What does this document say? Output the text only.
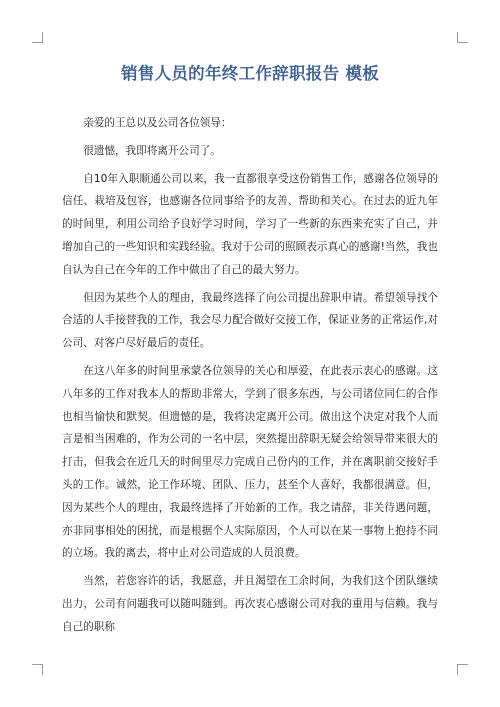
销售人员的年终工作辞职报告 模板

亲爱的王总以及公司各位领导：

很遗憾，我即将离开公司了。

自10年入职顺通公司以来，我一直都很享受这份销售工作，感谢各位领导的信任、栽培及包容，也感谢各位同事给予的友善、帮助和关心。在过去的近九年的时间里，利用公司给予良好学习时间，学习了一些新的东西来充实了自己，并增加自己的一些知识和实践经验。我对于公司的照顾表示真心的感谢!当然，我也自认为自己在今年的工作中做出了自己的最大努力。

但因为某些个人的理由，我最终选择了向公司提出辞职申请。希望领导找个合适的人手接替我的工作，我会尽力配合做好交接工作，保证业务的正常运作,对公司、对客户尽好最后的责任。

在这八年多的时间里承蒙各位领导的关心和厚爱，在此表示衷心的感谢。这八年多的工作对我本人的帮助非常大，学到了很多东西，与公司诸位同仁的合作也相当愉快和默契。但遗憾的是，我将决定离开公司。做出这个决定对我个人而言是相当困难的，作为公司的一名中层，突然提出辞职无疑会给领导带来很大的打击，但我会在近几天的时间里尽力完成自己份内的工作，并在离职前交接好手头的工作。诚然，论工作环境、团队、压力，甚至个人喜好，我都很满意。但，因为某些个人的理由，我最终选择了开始新的工作。我之请辞，非关待遇问题，亦非同事相处的困扰，而是根据个人实际原因，个人可以在某一事物上抱持不同的立场。我的离去，将中止对公司造成的人员浪费。

当然，若您容许的话，我愿意，并且渴望在工余时间，为我们这个团队继续出力，公司有问题我可以随叫随到。再次衷心感谢公司对我的重用与信赖。我与自己的职称
